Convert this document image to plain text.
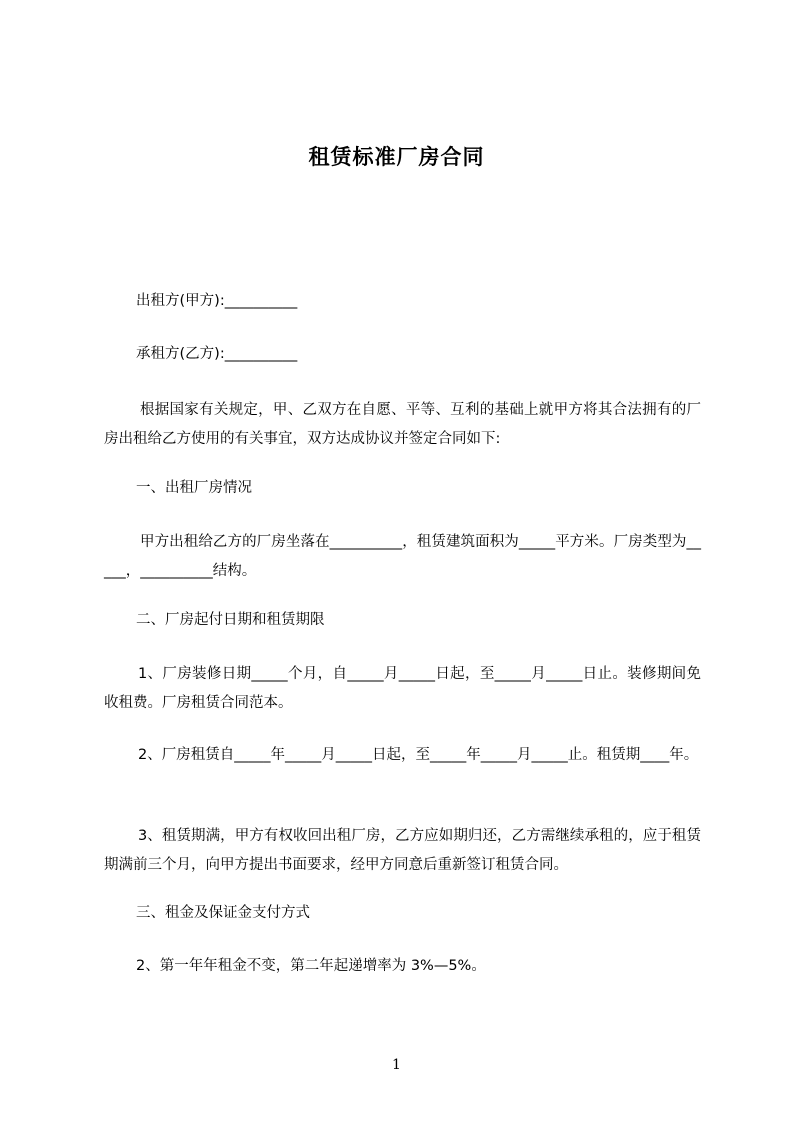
租赁标准厂房合同
出租方(甲方):__________
承租方(乙方):__________
根据国家有关规定，甲、乙双方在自愿、平等、互利的基础上就甲方将其合法拥有的厂房出租给乙方使用的有关事宜，双方达成协议并签定合同如下:
一、出租厂房情况
甲方出租给乙方的厂房坐落在__________，租赁建筑面积为_____平方米。厂房类型为_____，__________结构。
二、厂房起付日期和租赁期限
1、厂房装修日期_____个月，自_____月_____日起，至_____月_____日止。装修期间免收租费。厂房租赁合同范本。
2、厂房租赁自_____年_____月_____日起，至_____年_____月_____止。租赁期____年。
3、租赁期满，甲方有权收回出租厂房，乙方应如期归还，乙方需继续承租的，应于租赁期满前三个月，向甲方提出书面要求，经甲方同意后重新签订租赁合同。
三、租金及保证金支付方式
2、第一年年租金不变，第二年起递增率为 3%—5%。
1
